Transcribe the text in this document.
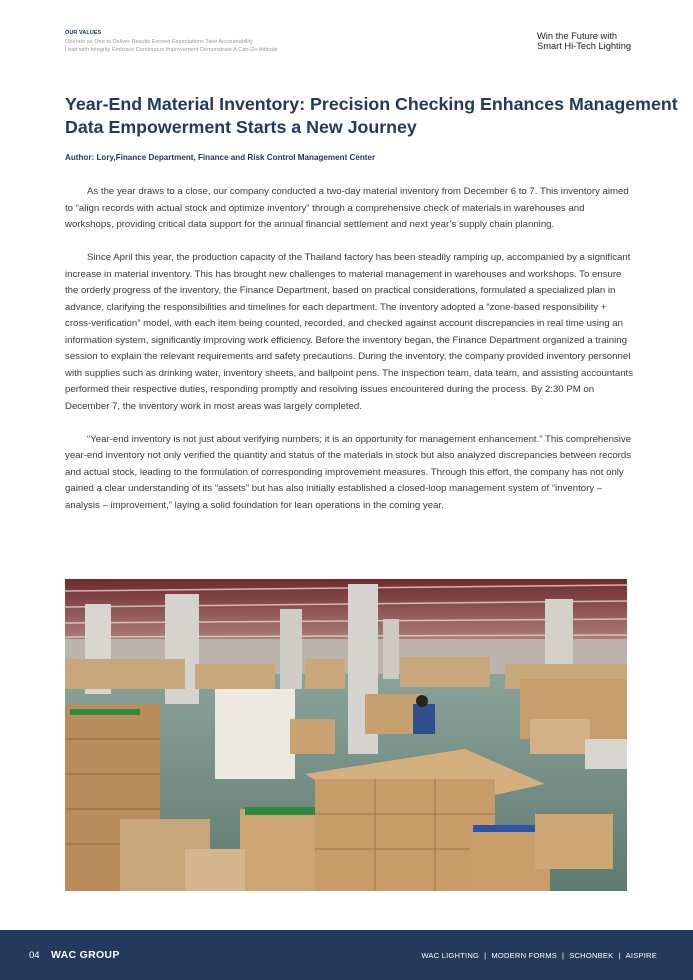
OUR VALUES
Operate as One to Deliver Results Exceed Expectations Take Accountability
Lead with Integrity Embrace Continuous Improvement Demonstrate A Can-Do Attitude
Win the Future with
Smart Hi-Tech Lighting
Year-End Material Inventory: Precision Checking Enhances Management
Data Empowerment Starts a New Journey

Author: Lory,Finance Department, Finance and Risk Control Management Center

As the year draws to a close, our company conducted a two-day material inventory from December 6 to 7. This inventory aimed to “align records with actual stock and optimize inventory” through a comprehensive check of materials in warehouses and workshops, providing critical data support for the annual financial settlement and next year’s supply chain planning.

Since April this year, the production capacity of the Thailand factory has been steadily ramping up, accompanied by a significant increase in material inventory. This has brought new challenges to material management in warehouses and workshops. To ensure the orderly progress of the inventory, the Finance Department, based on practical considerations, formulated a specialized plan in advance, clarifying the responsibilities and timelines for each department. The inventory adopted a “zone-based responsibility + cross-verification” model, with each item being counted, recorded, and checked against account discrepancies in real time using an information system, significantly improving work efficiency. Before the inventory began, the Finance Department organized a training session to explain the relevant requirements and safety precautions. During the inventory, the company provided inventory personnel with supplies such as drinking water, inventory sheets, and ballpoint pens. The inspection team, data team, and assisting accountants performed their respective duties, responding promptly and resolving issues encountered during the process. By 2:30 PM on December 7, the inventory work in most areas was largely completed.

“Year-end inventory is not just about verifying numbers; it is an opportunity for management enhancement.” This comprehensive year-end inventory not only verified the quantity and status of the materials in stock but also analyzed discrepancies between records and actual stock, leading to the formulation of corresponding improvement measures. Through this effort, the company has not only gained a clear understanding of its “assets” but has also initially established a closed-loop management system of “inventory – analysis – improvement,” laying a solid foundation for lean operations in the coming year.

04 WAC GROUP	WAC LIGHTING | MODERN FORMS | SCHONBEK | AISPIRE
